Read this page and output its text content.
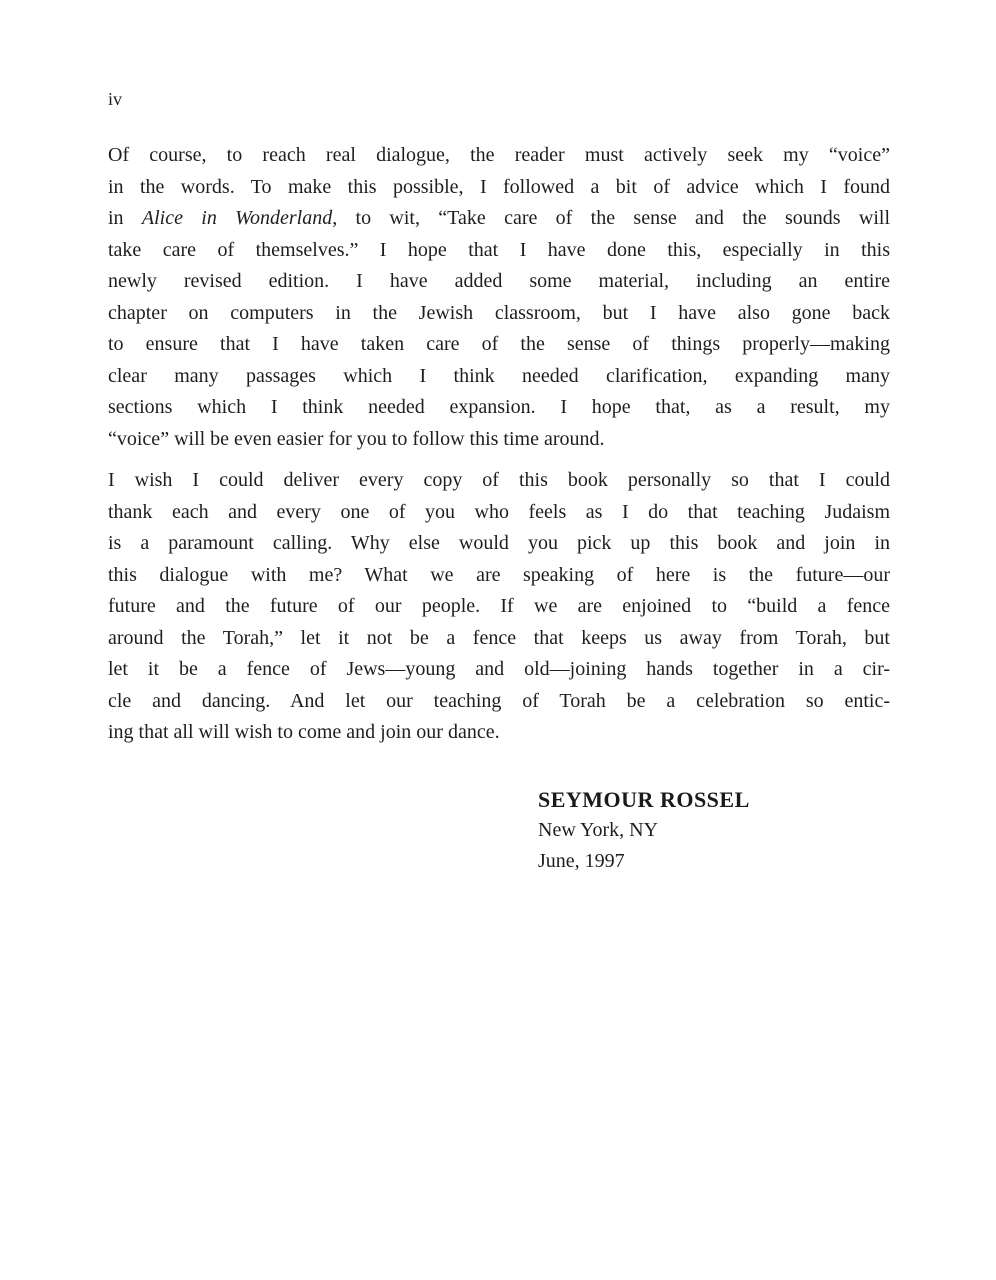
iv
Of course, to reach real dialogue, the reader must actively seek my “voice”
in the words. To make this possible, I followed a bit of advice which I found
in Alice in Wonderland, to wit, “Take care of the sense and the sounds will
take care of themselves.” I hope that I have done this, especially in this
newly revised edition. I have added some material, including an entire
chapter on computers in the Jewish classroom, but I have also gone back
to ensure that I have taken care of the sense of things properly—making
clear many passages which I think needed clarification, expanding many
sections which I think needed expansion. I hope that, as a result, my
“voice” will be even easier for you to follow this time around.
I wish I could deliver every copy of this book personally so that I could
thank each and every one of you who feels as I do that teaching Judaism
is a paramount calling. Why else would you pick up this book and join in
this dialogue with me? What we are speaking of here is the future—our
future and the future of our people. If we are enjoined to “build a fence
around the Torah,” let it not be a fence that keeps us away from Torah, but
let it be a fence of Jews—young and old—joining hands together in a cir-
cle and dancing. And let our teaching of Torah be a celebration so entic-
ing that all will wish to come and join our dance.
SEYMOUR ROSSEL
New York, NY
June, 1997
